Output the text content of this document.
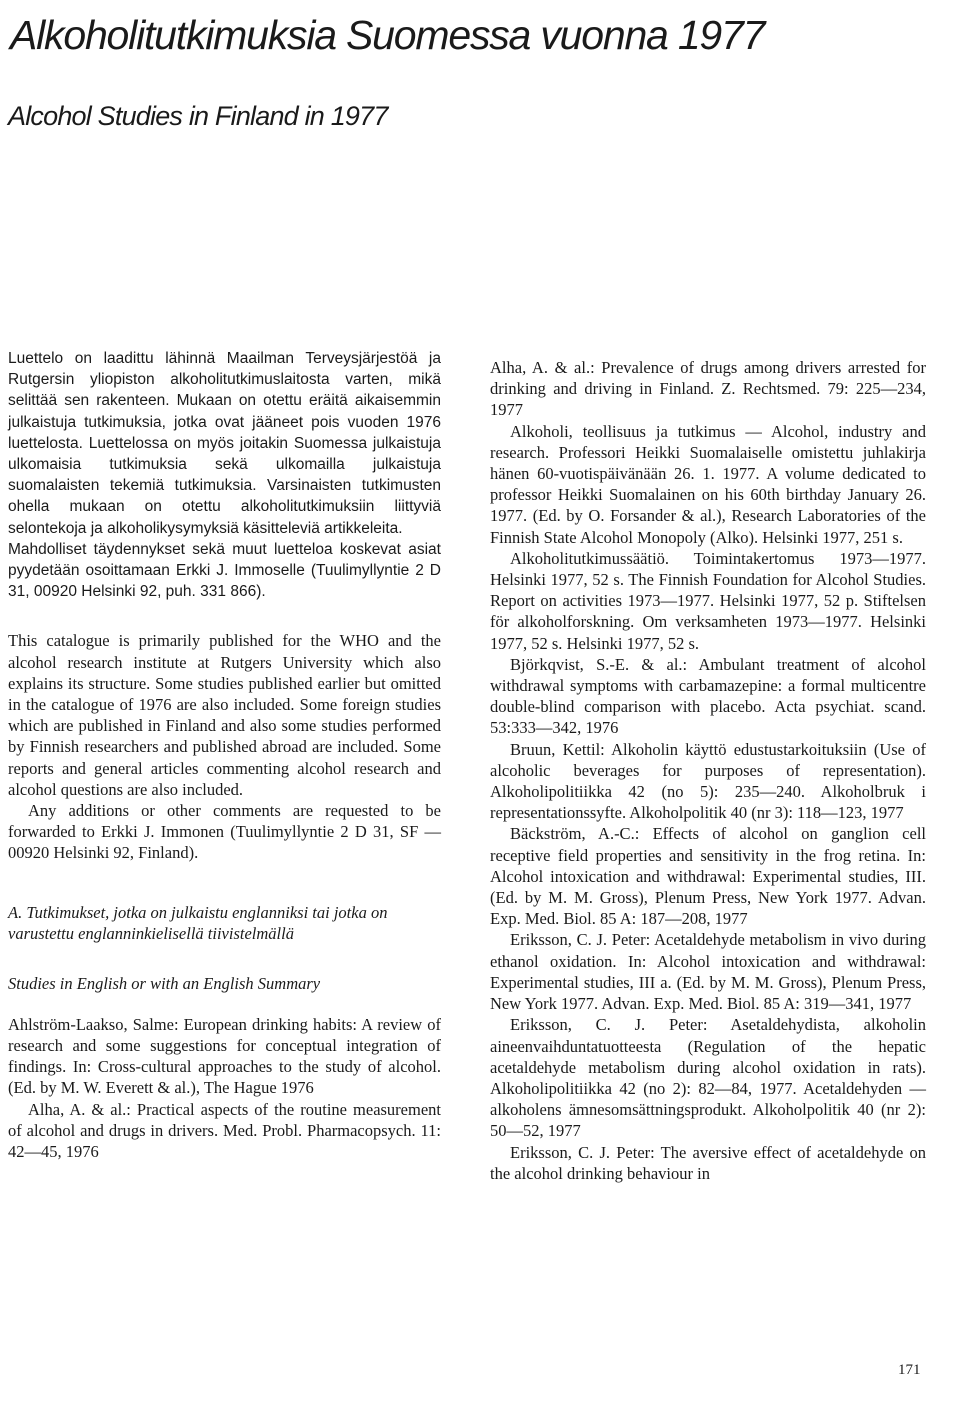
Alkoholitutkimuksia Suomessa vuonna 1977
Alcohol Studies in Finland in 1977

Luettelo on laadittu lähinnä Maailman Terveysjärjestöä ja Rutgersin yliopiston alkoholitutkimuslaitosta varten, mikä selittää sen rakenteen. Mukaan on otettu eräitä aikaisemmin julkaistuja tutkimuksia, jotka ovat jääneet pois vuoden 1976 luettelosta. Luettelossa on myös joitakin Suomessa julkaistuja ulkomaisia tutkimuksia sekä ulkomailla julkaistuja suomalaisten tekemiä tutkimuksia. Varsinaisten tutkimusten ohella mukaan on otettu alkoholitutkimuksiin liittyviä selontekoja ja alkoholikysymyksiä käsitteleviä artikkeleita.

Mahdolliset täydennykset sekä muut luetteloa koskevat asiat pyydetään osoittamaan Erkki J. Immoselle (Tuulimyllyntie 2 D 31, 00920 Helsinki 92, puh. 331 866).

This catalogue is primarily published for the WHO and the alcohol research institute at Rutgers University which also explains its structure. Some studies published earlier but omitted in the catalogue of 1976 are also included. Some foreign studies which are published in Finland and also some studies performed by Finnish researchers and published abroad are included. Some reports and general articles commenting alcohol research and alcohol questions are also included.

Any additions or other comments are requested to be forwarded to Erkki J. Immonen (Tuulimyllyntie 2 D 31, SF — 00920 Helsinki 92, Finland).

A. Tutkimukset, jotka on julkaistu englanniksi tai jotka on varustettu englanninkielisellä tiivistelmällä

Studies in English or with an English Summary

Ahlström-Laakso, Salme: European drinking habits: A review of research and some suggestions for conceptual integration of findings. In: Cross-cultural approaches to the study of alcohol. (Ed. by M. W. Everett & al.), The Hague 1976

Alha, A. & al.: Practical aspects of the routine measurement of alcohol and drugs in drivers. Med. Probl. Pharmacopsych. 11: 42—45, 1976

Alha, A. & al.: Prevalence of drugs among drivers arrested for drinking and driving in Finland. Z. Rechtsmed. 79: 225—234, 1977

Alkoholi, teollisuus ja tutkimus — Alcohol, industry and research. Professori Heikki Suomalaiselle omistettu juhlakirja hänen 60-vuotispäivänään 26. 1. 1977. A volume dedicated to professor Heikki Suomalainen on his 60th birthday January 26. 1977. (Ed. by O. Forsander & al.), Research Laboratories of the Finnish State Alcohol Monopoly (Alko). Helsinki 1977, 251 s.

Alkoholitutkimussäätiö. Toimintakertomus 1973—1977. Helsinki 1977, 52 s. The Finnish Foundation for Alcohol Studies. Report on activities 1973—1977. Helsinki 1977, 52 p. Stiftelsen för alkoholforskning. Om verksamheten 1973—1977. Helsinki 1977, 52 s. Helsinki 1977, 52 s.

Björkqvist, S.-E. & al.: Ambulant treatment of alcohol withdrawal symptoms with carbamazepine: a formal multicentre double-blind comparison with placebo. Acta psychiat. scand. 53:333—342, 1976

Bruun, Kettil: Alkoholin käyttö edustustarkoituksiin (Use of alcoholic beverages for purposes of representation). Alkoholipolitiikka 42 (no 5): 235—240. Alkoholbruk i representationssyfte. Alkoholpolitik 40 (nr 3): 118—123, 1977

Bäckström, A.-C.: Effects of alcohol on ganglion cell receptive field properties and sensitivity in the frog retina. In: Alcohol intoxication and withdrawal: Experimental studies, III. (Ed. by M. M. Gross), Plenum Press, New York 1977. Advan. Exp. Med. Biol. 85 A: 187—208, 1977

Eriksson, C. J. Peter: Acetaldehyde metabolism in vivo during ethanol oxidation. In: Alcohol intoxication and withdrawal: Experimental studies, III a. (Ed. by M. M. Gross), Plenum Press, New York 1977. Advan. Exp. Med. Biol. 85 A: 319—341, 1977

Eriksson, C. J. Peter: Asetaldehydista, alkoholin aineenvaihduntatuotteesta (Regulation of the hepatic acetaldehyde metabolism during alcohol oxidation in rats). Alkoholipolitiikka 42 (no 2): 82—84, 1977. Acetaldehyden — alkoholens ämnesomsättningsprodukt. Alkoholpolitik 40 (nr 2): 50—52, 1977

Eriksson, C. J. Peter: The aversive effect of acetaldehyde on the alcohol drinking behaviour in

171
